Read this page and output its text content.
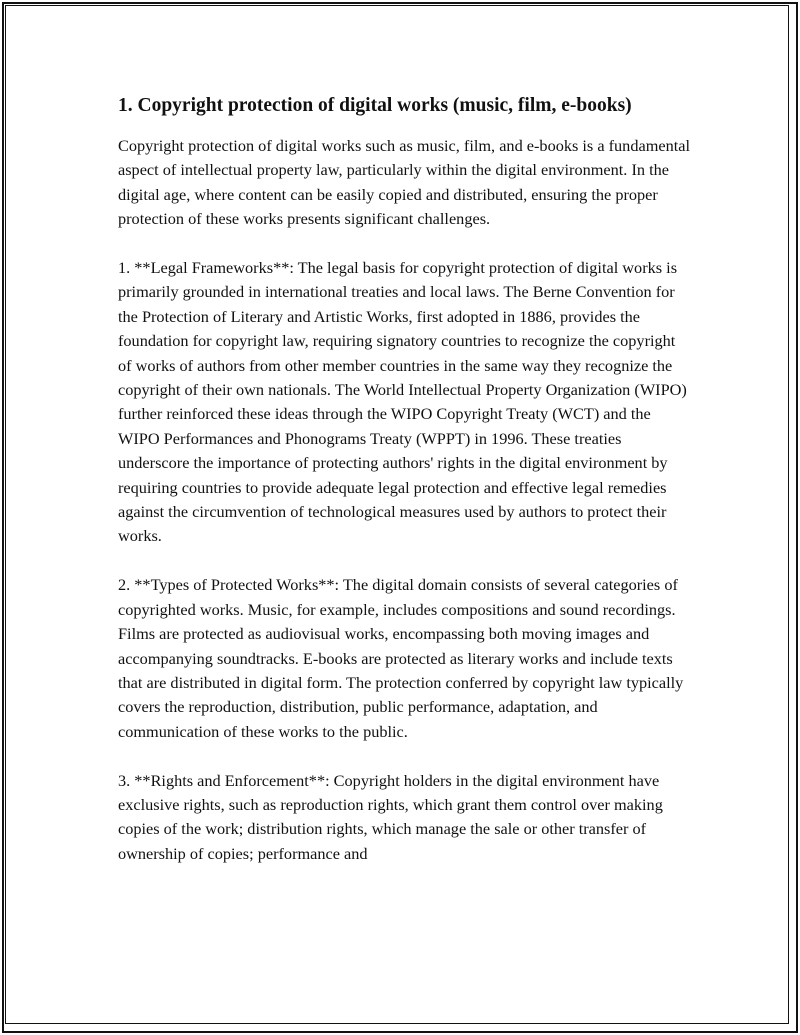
1. Copyright protection of digital works (music, film, e-books)

Copyright protection of digital works such as music, film, and e-books is a fundamental aspect of intellectual property law, particularly within the digital environment. In the digital age, where content can be easily copied and distributed, ensuring the proper protection of these works presents significant challenges.

1. **Legal Frameworks**: The legal basis for copyright protection of digital works is primarily grounded in international treaties and local laws. The Berne Convention for the Protection of Literary and Artistic Works, first adopted in 1886, provides the foundation for copyright law, requiring signatory countries to recognize the copyright of works of authors from other member countries in the same way they recognize the copyright of their own nationals. The World Intellectual Property Organization (WIPO) further reinforced these ideas through the WIPO Copyright Treaty (WCT) and the WIPO Performances and Phonograms Treaty (WPPT) in 1996. These treaties underscore the importance of protecting authors' rights in the digital environment by requiring countries to provide adequate legal protection and effective legal remedies against the circumvention of technological measures used by authors to protect their works.

2. **Types of Protected Works**: The digital domain consists of several categories of copyrighted works. Music, for example, includes compositions and sound recordings. Films are protected as audiovisual works, encompassing both moving images and accompanying soundtracks. E-books are protected as literary works and include texts that are distributed in digital form. The protection conferred by copyright law typically covers the reproduction, distribution, public performance, adaptation, and communication of these works to the public.

3. **Rights and Enforcement**: Copyright holders in the digital environment have exclusive rights, such as reproduction rights, which grant them control over making copies of the work; distribution rights, which manage the sale or other transfer of ownership of copies; performance and
